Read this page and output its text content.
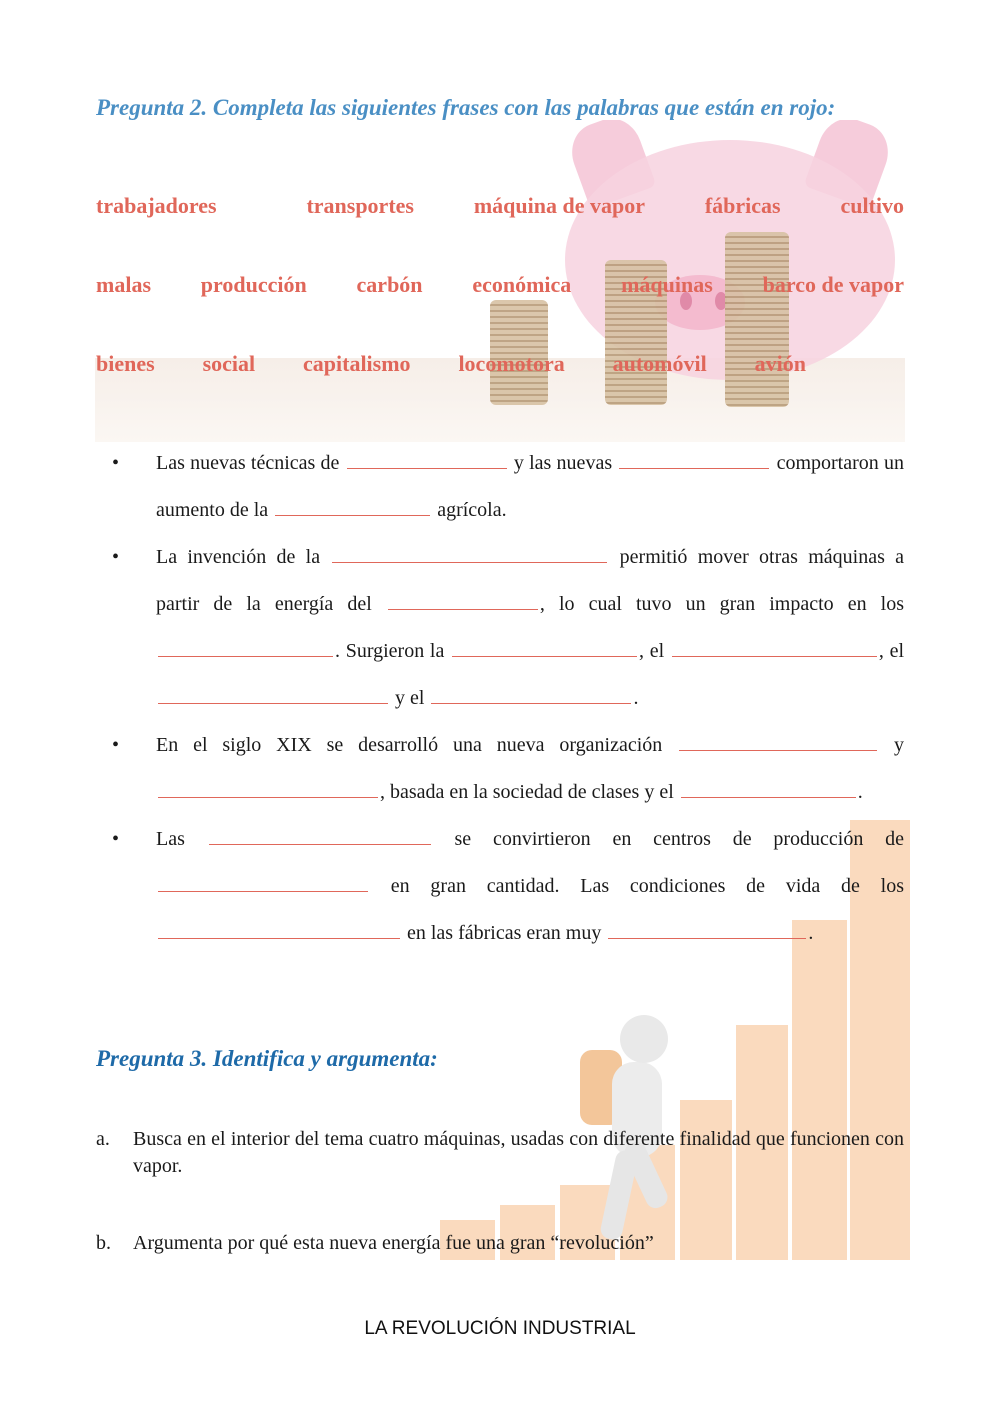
Pregunta 2. Completa las siguientes frases con las palabras que están en rojo:
trabajadores	transportes	máquina de vapor	fábricas	cultivo
malas producción carbón económica máquinas barco de vapor
bienes social capitalismo locomotora automóvil avión
• Las nuevas técnicas de	y las nuevas	comportaron un aumento de la	agrícola.

• La invención de la	permitió mover otras máquinas a partir de la energía del	, lo cual tuvo un gran impacto en los . Surgieron la	, el	, el  y el	.

• En el siglo XIX se desarrolló una nueva organización	y , basada en la sociedad de clases y el	.

• Las	se convirtieron en centros de producción de  en gran cantidad. Las condiciones de vida de los  en las fábricas eran muy	.

Pregunta 3. Identifica y argumenta:
a.	Busca en el interior del tema cuatro máquinas, usadas con diferente finalidad que funcionen con vapor.
b.	Argumenta por qué esta nueva energía fue una gran “revolución”
LA REVOLUCIÓN INDUSTRIAL
